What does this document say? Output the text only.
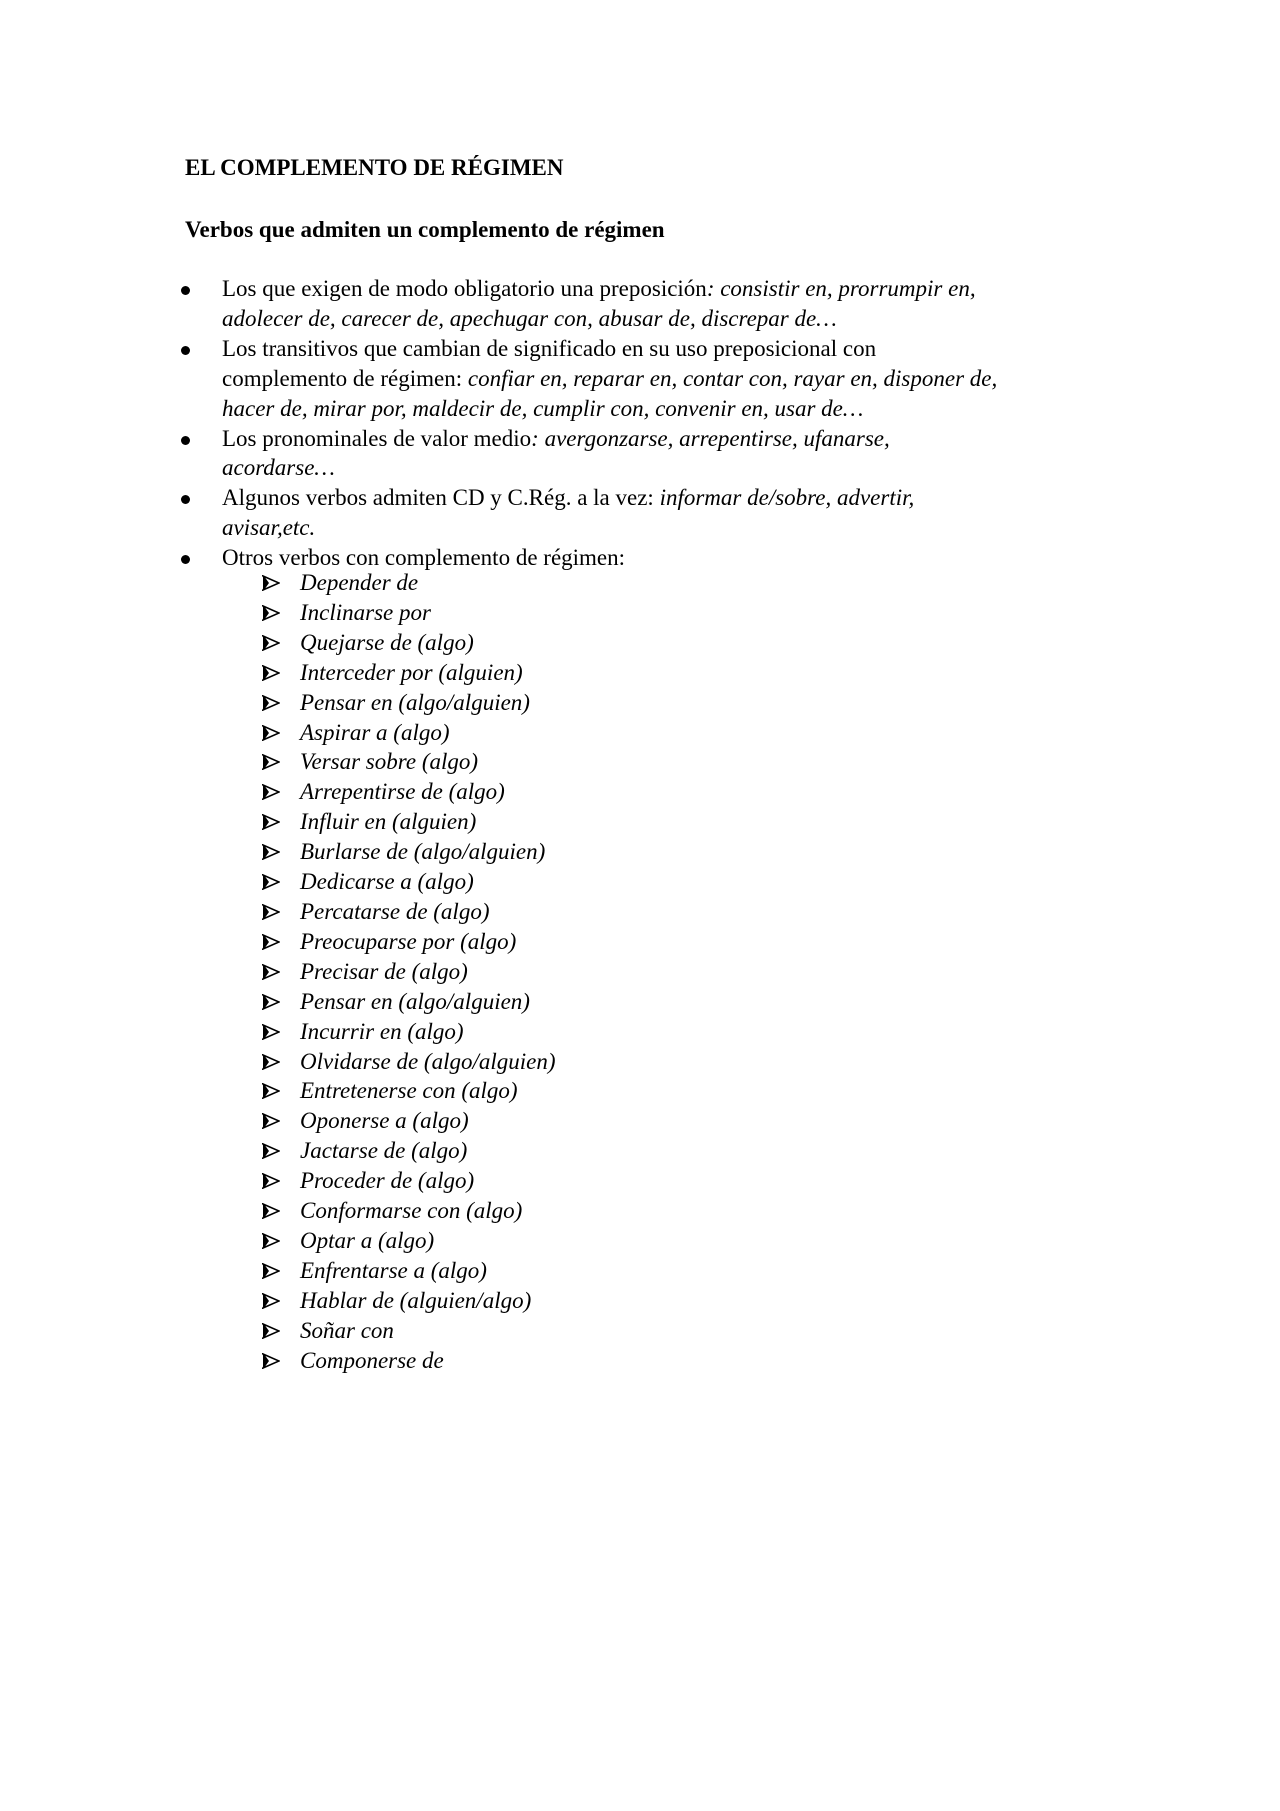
EL COMPLEMENTO DE RÉGIMEN
Verbos que admiten un complemento de régimen
Los que exigen de modo obligatorio una preposición: consistir en, prorrumpir en,
adolecer de, carecer de, apechugar con, abusar de, discrepar de…
Los transitivos que cambian de significado en su uso preposicional con
complemento de régimen: confiar en, reparar en, contar con, rayar en, disponer de,
hacer de, mirar por, maldecir de, cumplir con, convenir en, usar de…
Los pronominales de valor medio: avergonzarse, arrepentirse, ufanarse,
acordarse…
Algunos verbos admiten CD y C.Rég. a la vez: informar de/sobre, advertir,
avisar,etc.
Otros verbos con complemento de régimen:
Depender de
Inclinarse por
Quejarse de (algo)
Interceder por (alguien)
Pensar en (algo/alguien)
Aspirar a (algo)
Versar sobre (algo)
Arrepentirse de (algo)
Influir en (alguien)
Burlarse de (algo/alguien)
Dedicarse a (algo)
Percatarse de (algo)
Preocuparse por (algo)
Precisar de (algo)
Pensar en (algo/alguien)
Incurrir en (algo)
Olvidarse de (algo/alguien)
Entretenerse con (algo)
Oponerse a (algo)
Jactarse de (algo)
Proceder de (algo)
Conformarse con (algo)
Optar a (algo)
Enfrentarse a (algo)
Hablar de (alguien/algo)
Soñar con
Componerse de
